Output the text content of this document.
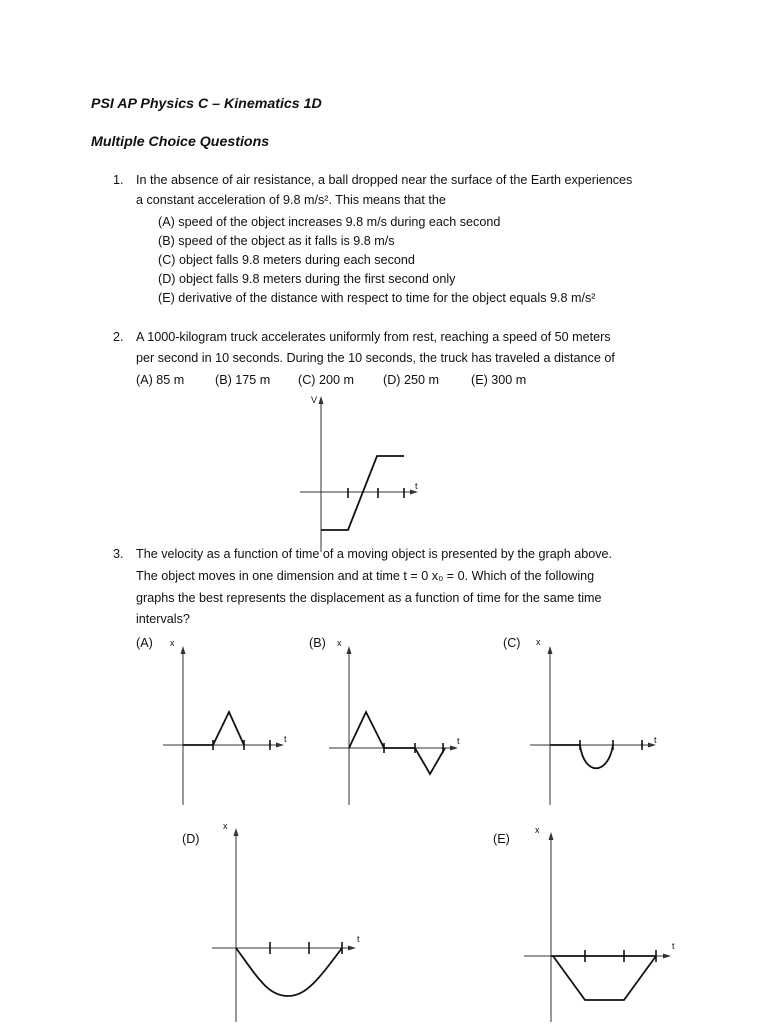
PSI AP Physics C – Kinematics 1D
Multiple Choice Questions
1. In the absence of air resistance, a ball dropped near the surface of the Earth experiences
a constant acceleration of 9.8 m/s². This means that the
(A) speed of the object increases 9.8 m/s during each second
(B) speed of the object as it falls is 9.8 m/s
(C) object falls 9.8 meters during each second
(D) object falls 9.8 meters during the first second only
(E) derivative of the distance with respect to time for the object equals 9.8 m/s²
2. A 1000-kilogram truck accelerates uniformly from rest, reaching a speed of 50 meters
per second in 10 seconds. During the 10 seconds, the truck has traveled a distance of
(A) 85 m (B) 175 m (C) 200 m (D) 250 m	(E) 300 m
V
t
3. The velocity as a function of time of a moving object is presented by the graph above.
The object moves in one dimension and at time t = 0 x₀ = 0. Which of the following
graphs the best represents the displacement as a function of time for the same time
intervals?
(A)	(B)	(C)
(D)	(E)
x
t
x
t
x
t
x
t
x
t
